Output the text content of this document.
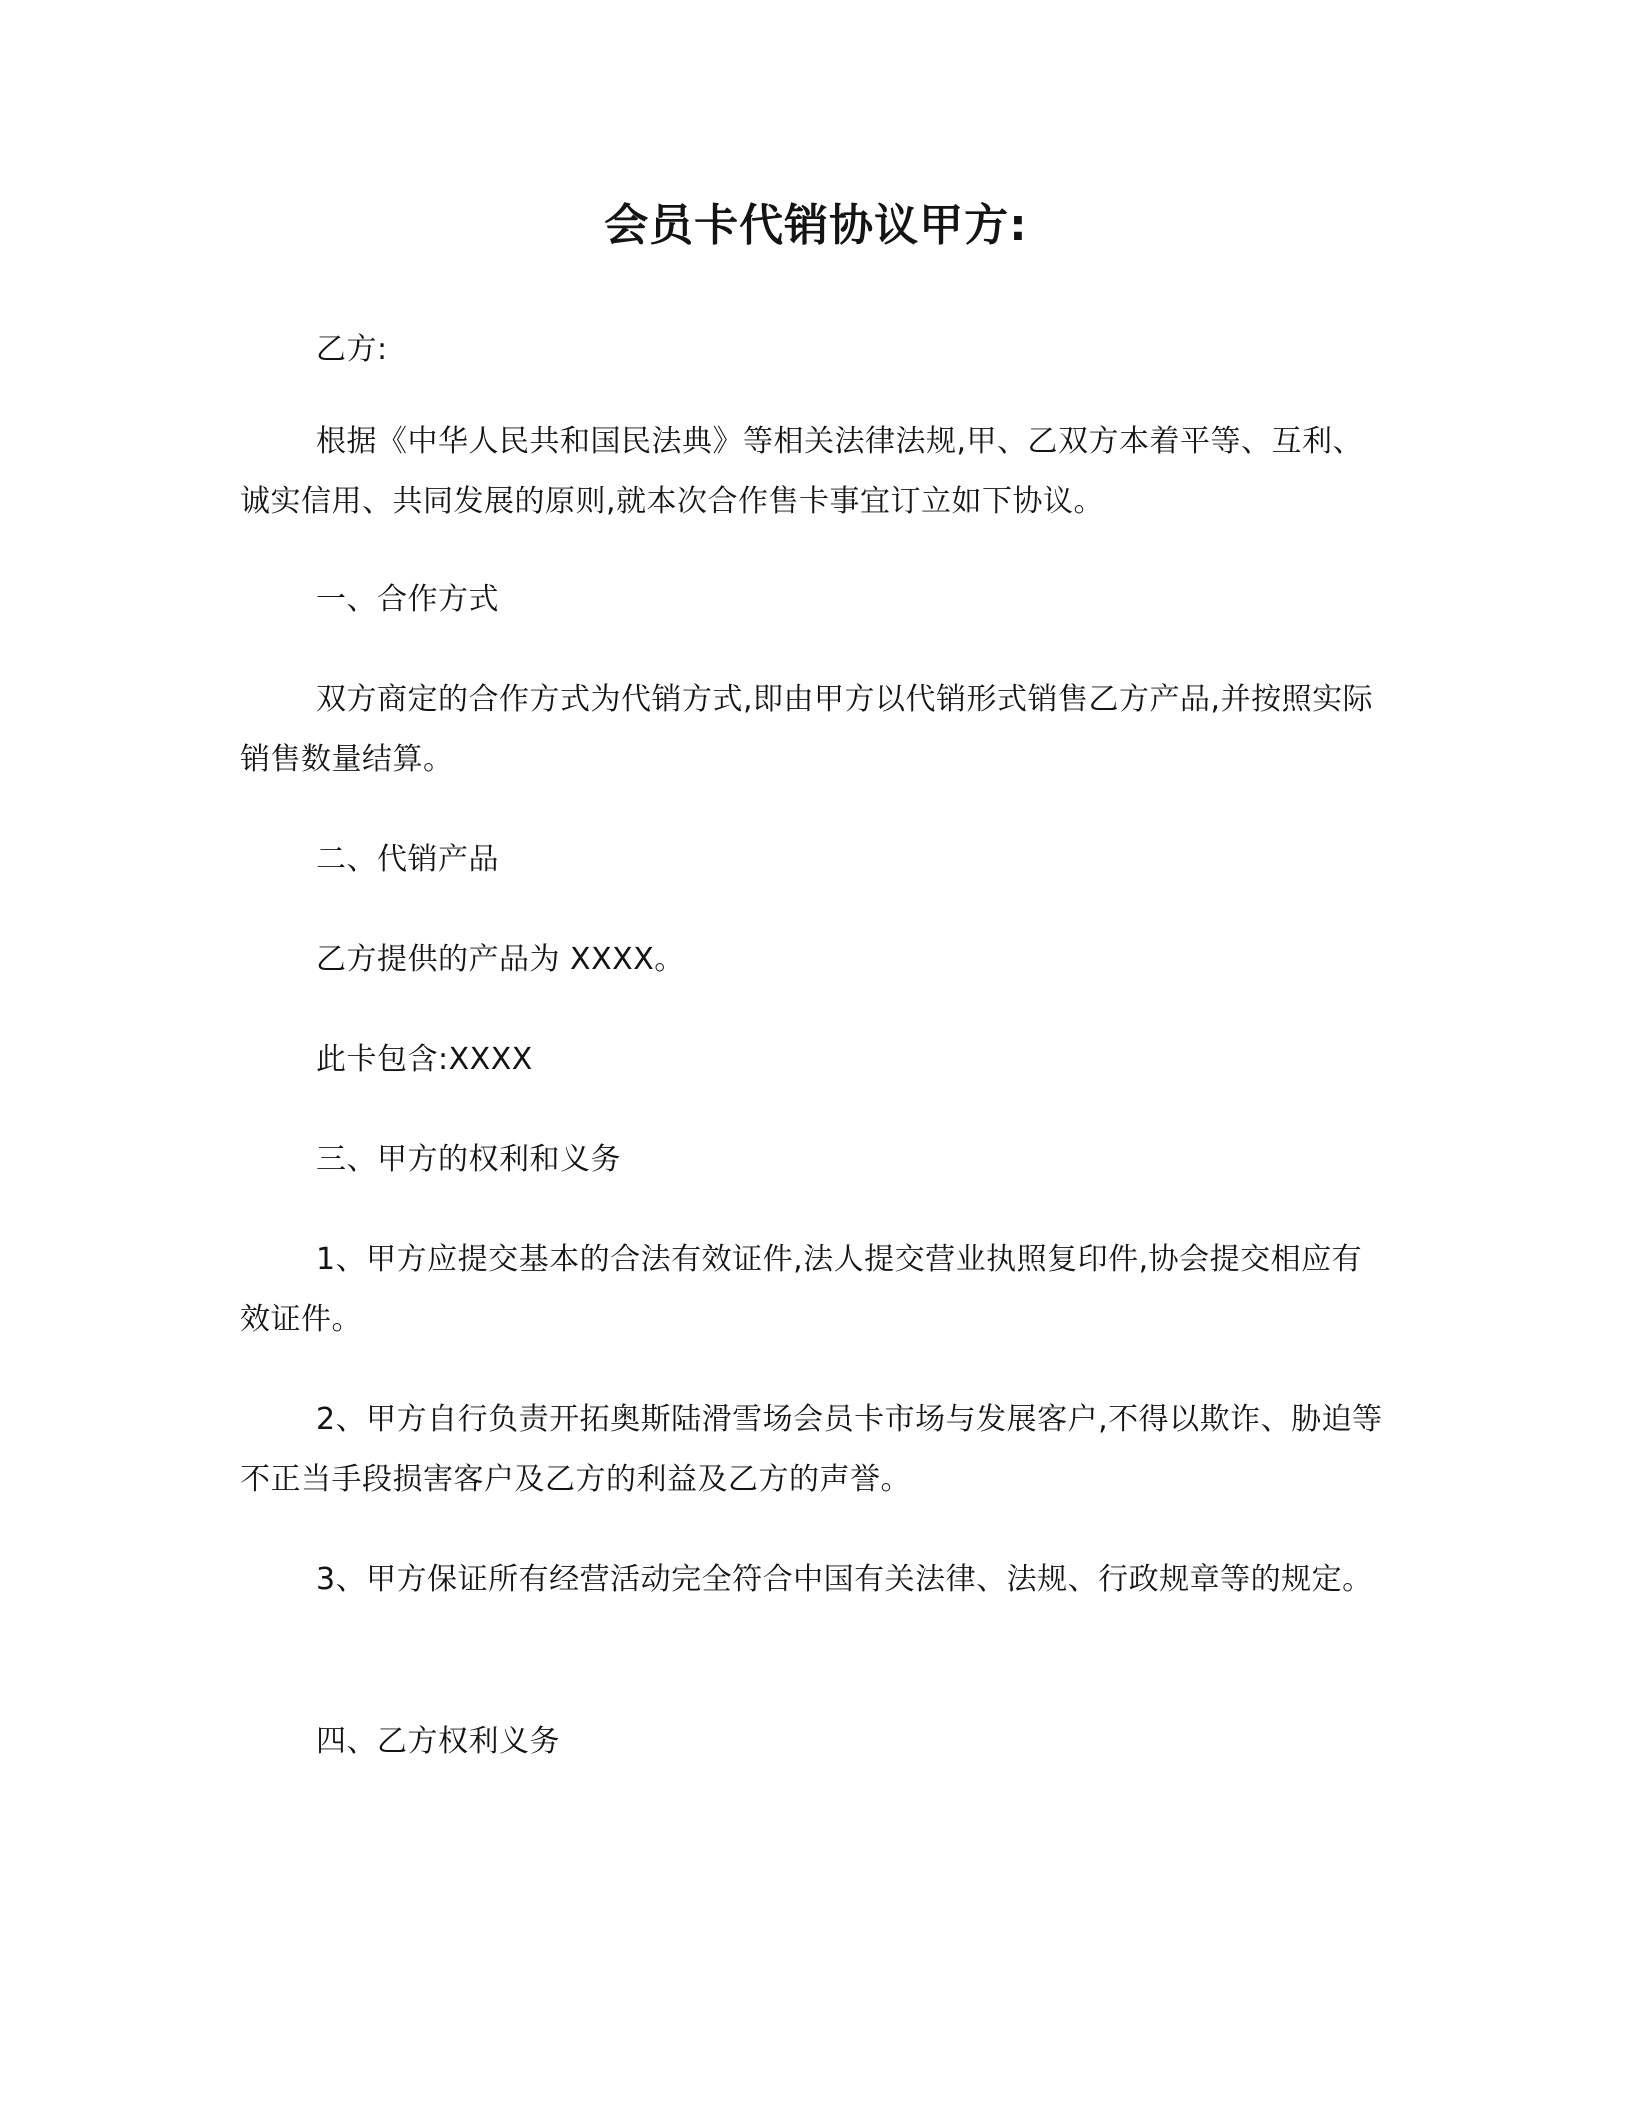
会员卡代销协议甲方:
乙方:
根据《中华人民共和国民法典》等相关法律法规,甲、乙双方本着平等、互利、诚实信用、共同发展的原则,就本次合作售卡事宜订立如下协议。
一、合作方式
双方商定的合作方式为代销方式,即由甲方以代销形式销售乙方产品,并按照实际销售数量结算。
二、代销产品
乙方提供的产品为 XXXX。
此卡包含:XXXX
三、甲方的权利和义务
1、甲方应提交基本的合法有效证件,法人提交营业执照复印件,协会提交相应有效证件。
2、甲方自行负责开拓奥斯陆滑雪场会员卡市场与发展客户,不得以欺诈、胁迫等不正当手段损害客户及乙方的利益及乙方的声誉。
3、甲方保证所有经营活动完全符合中国有关法律、法规、行政规章等的规定。
四、乙方权利义务
